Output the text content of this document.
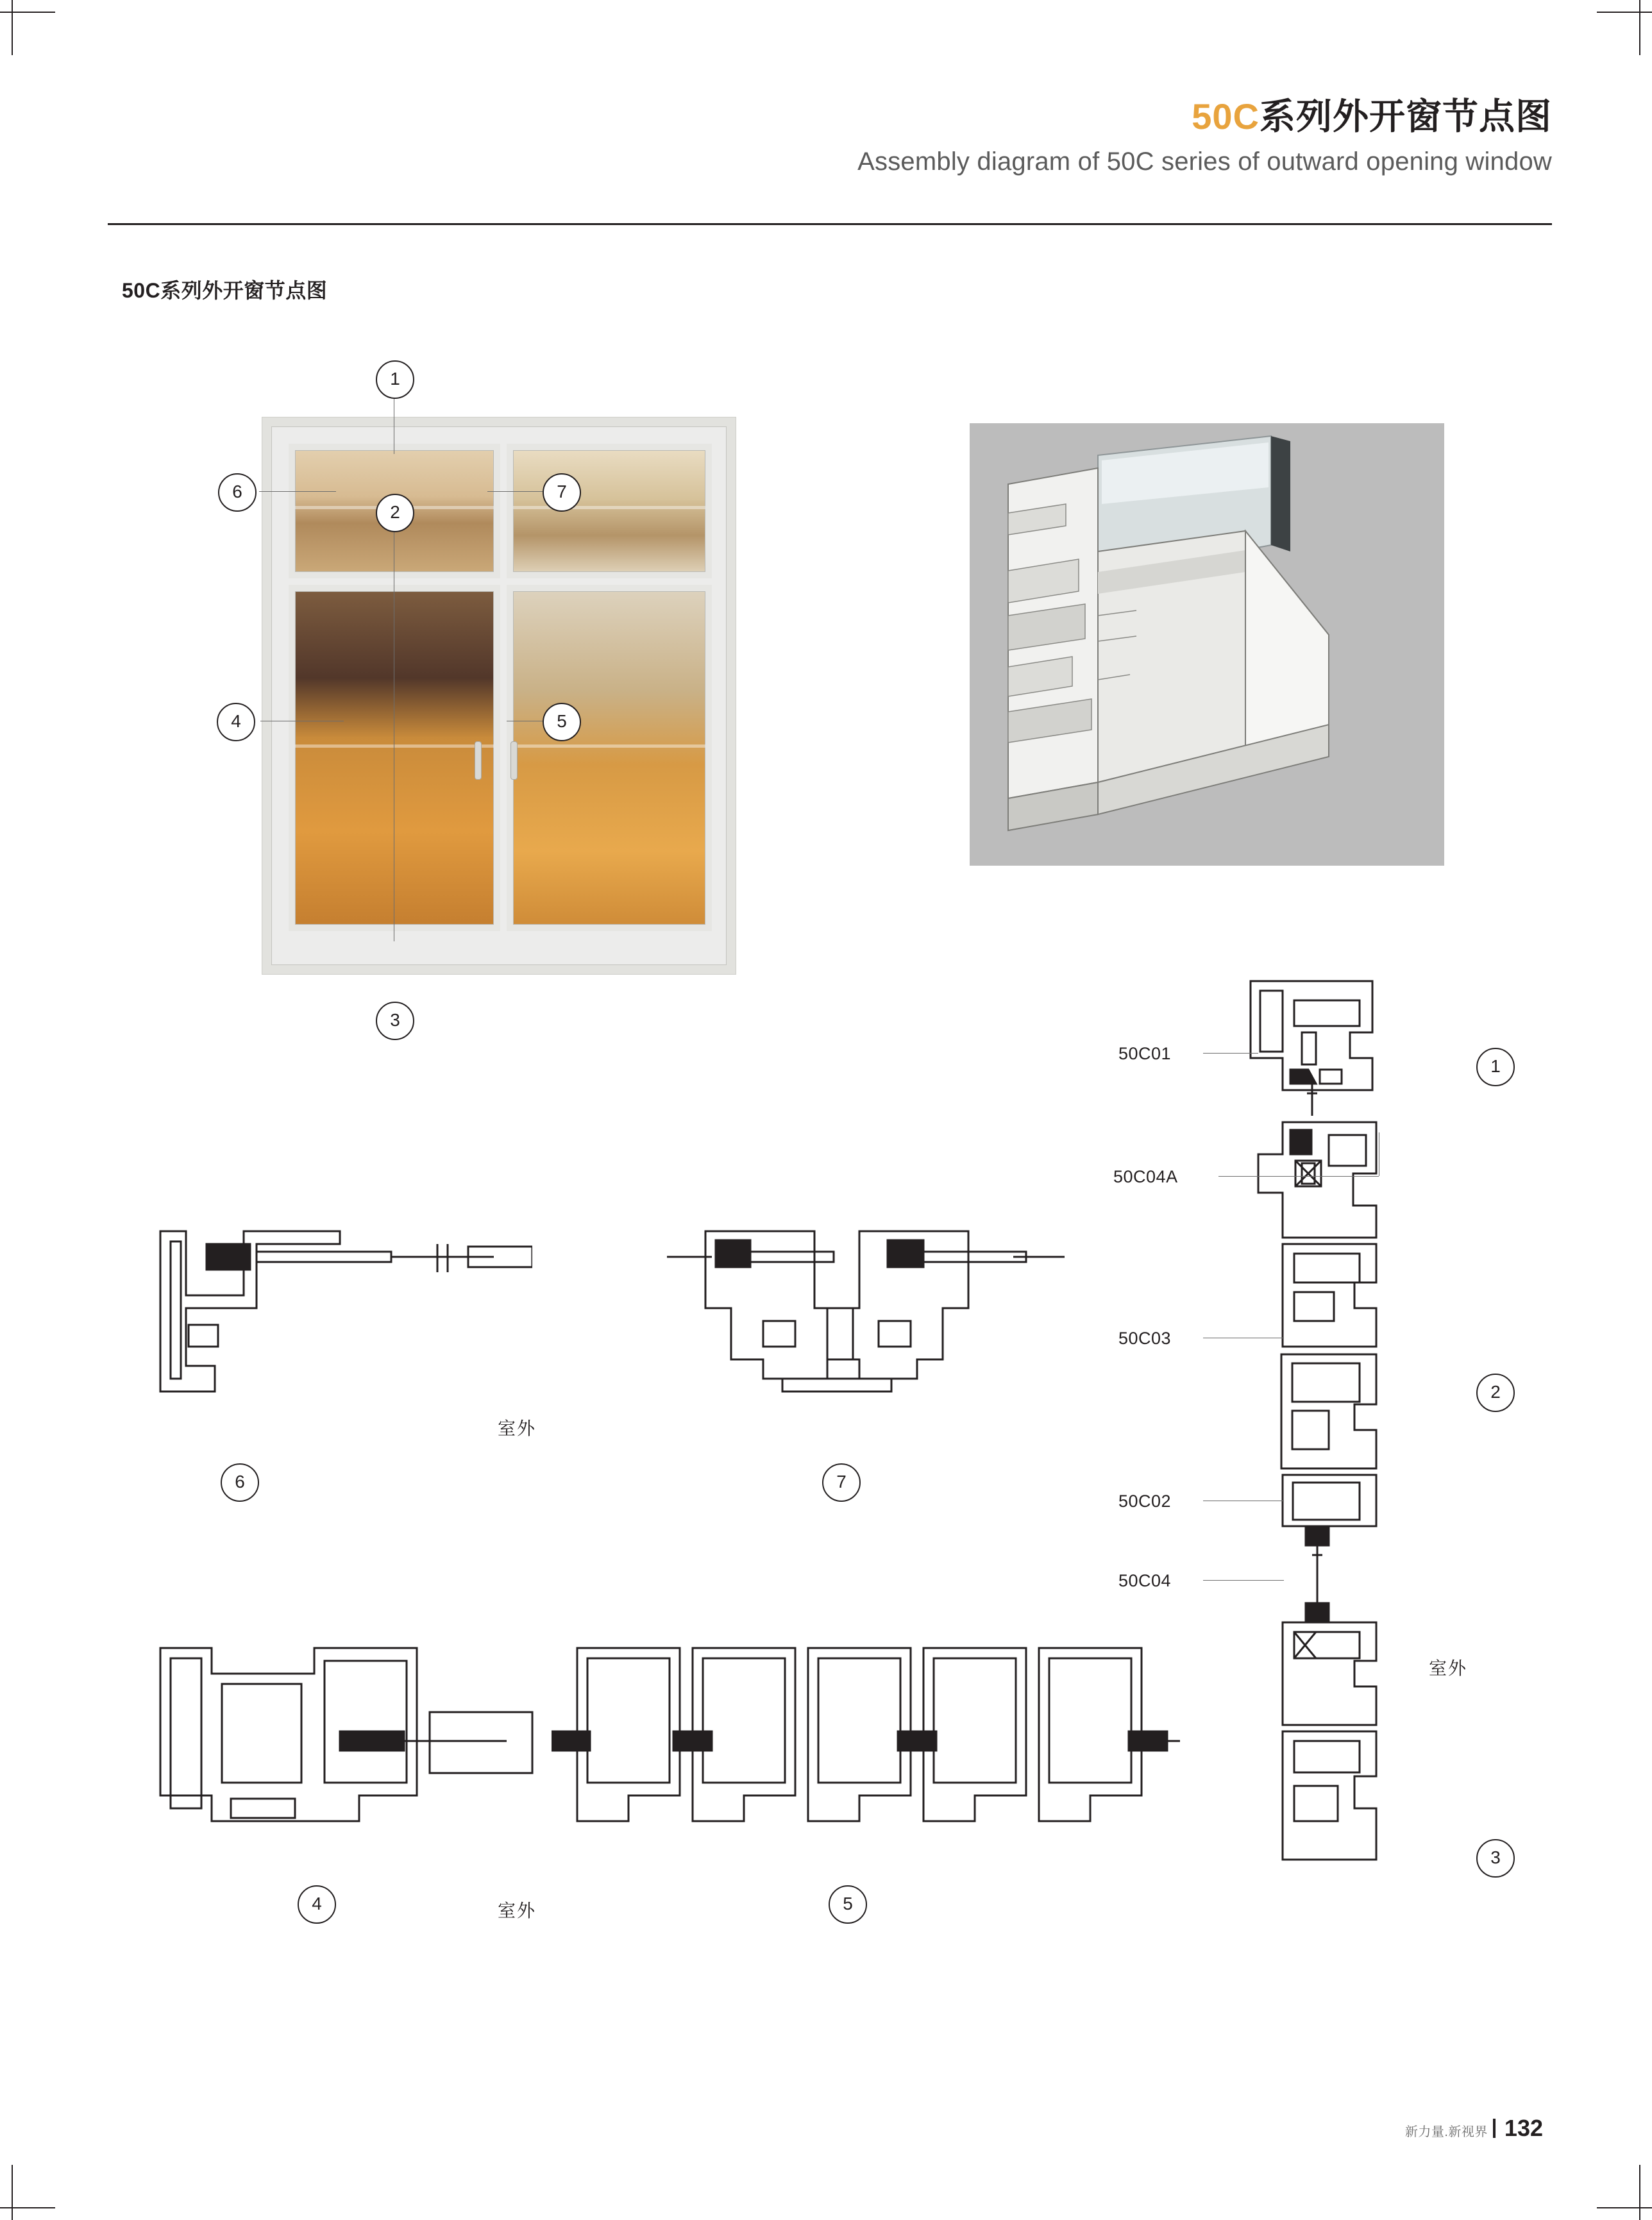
50C系列外开窗节点图
Assembly diagram of 50C series of outward opening window
50C系列外开窗节点图
1
2
3
4	5
6	7
50C01
50C04A
50C03
50C02
50C04
室外
1
2
3
6
室外
7
室外
4	5
新力量.新视界 132
